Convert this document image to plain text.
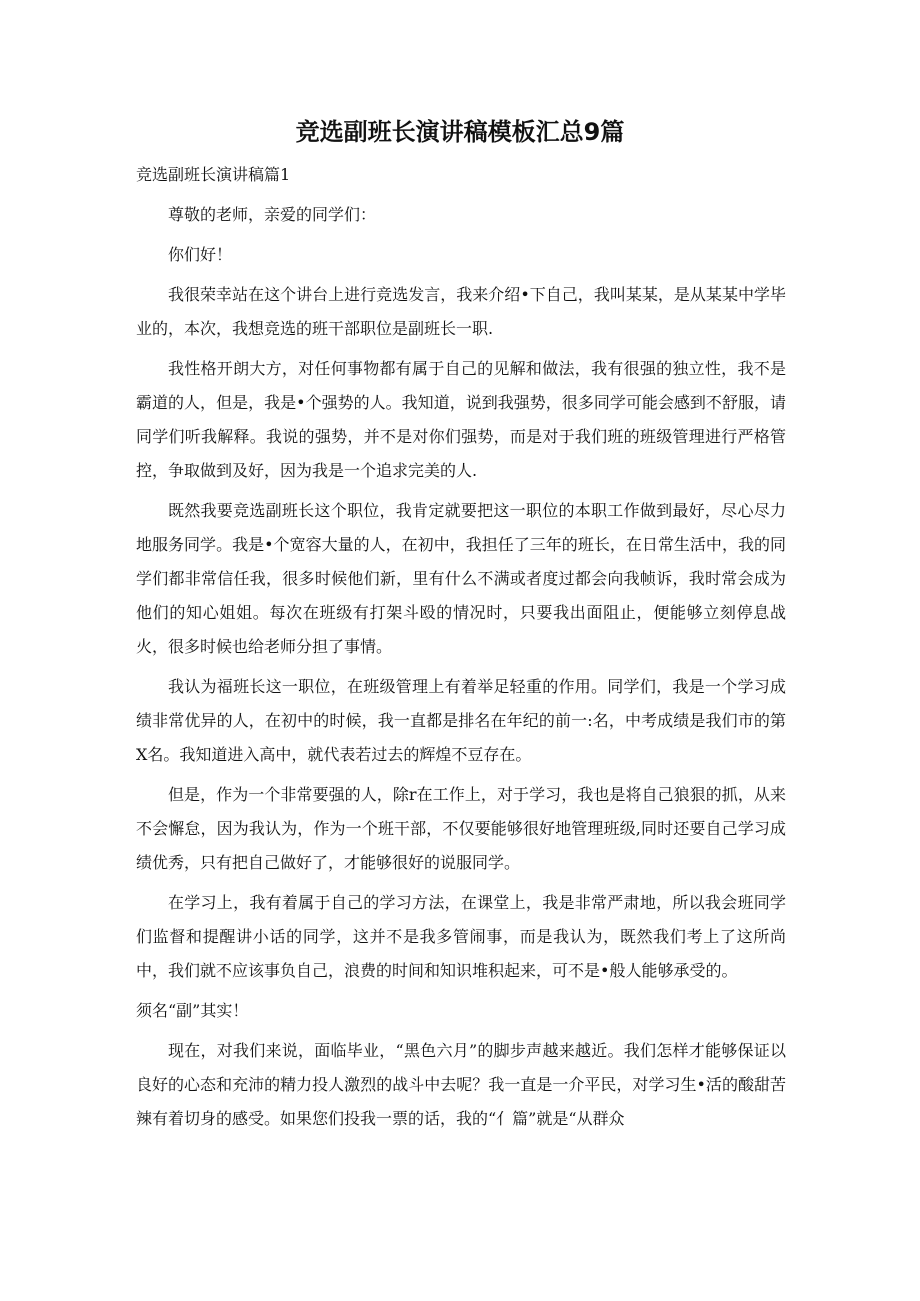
竞选副班长演讲稿模板汇总9篇

竞选副班长演讲稿篇1

尊敬的老师，亲爱的同学们：

你们好！

我很荣幸站在这个讲台上进行竞选发言，我来介绍•下自己，我叫某某，是从某某中学毕业的，本次，我想竞选的班干部职位是副班长一职.

我性格开朗大方，对任何事物都有属于自己的见解和做法，我有很强的独立性，我不是霸道的人，但是，我是•个强势的人。我知道，说到我强势，很多同学可能会感到不舒服，请同学们听我解释。我说的强势，并不是对你们强势，而是对于我们班的班级管理进行严格管控，争取做到及好，因为我是一个追求完美的人.

既然我要竞选副班长这个职位，我肯定就要把这一职位的本职工作做到最好，尽心尽力地服务同学。我是•个宽容大量的人，在初中，我担任了三年的班长，在日常生活中，我的同学们都非常信任我，很多时候他们新，里有什么不满或者度过都会向我帧诉，我时常会成为他们的知心姐姐。每次在班级有打架斗殴的情况时，只要我出面阻止，便能够立刻停息战火，很多时候也给老师分担了事情。

我认为福班长这一职位，在班级管理上有着举足轻重的作用。同学们，我是一个学习成绩非常优异的人，在初中的时候，我一直都是排名在年纪的前一:名，中考成绩是我们市的第X名。我知道进入高中，就代表若过去的辉煌不豆存在。

但是，作为一个非常要强的人，除r在工作上，对于学习，我也是将自己狼狠的抓，从来不会懈怠，因为我认为，作为一个班干部，不仅要能够很好地管理班级,同时还要自己学习成绩优秀，只有把自己做好了，才能够很好的说服同学。

在学习上，我有着属于自己的学习方法，在课堂上，我是非常严肃地，所以我会班同学们监督和提醒讲小话的同学，这并不是我多管闹事，而是我认为，既然我们考上了这所尚中，我们就不应该事负自己，浪费的时间和知识堆积起来，可不是•般人能够承受的。

须名“副”其实！

现在，对我们来说，面临毕业，“黑色六月”的脚步声越来越近。我们怎样才能够保证以良好的心态和充沛的精力投人激烈的战斗中去呢？我一直是一介平民，对学习生•活的酸甜苦辣有着切身的感受。如果您们投我一票的话，我的“亻篇”就是“从群众
